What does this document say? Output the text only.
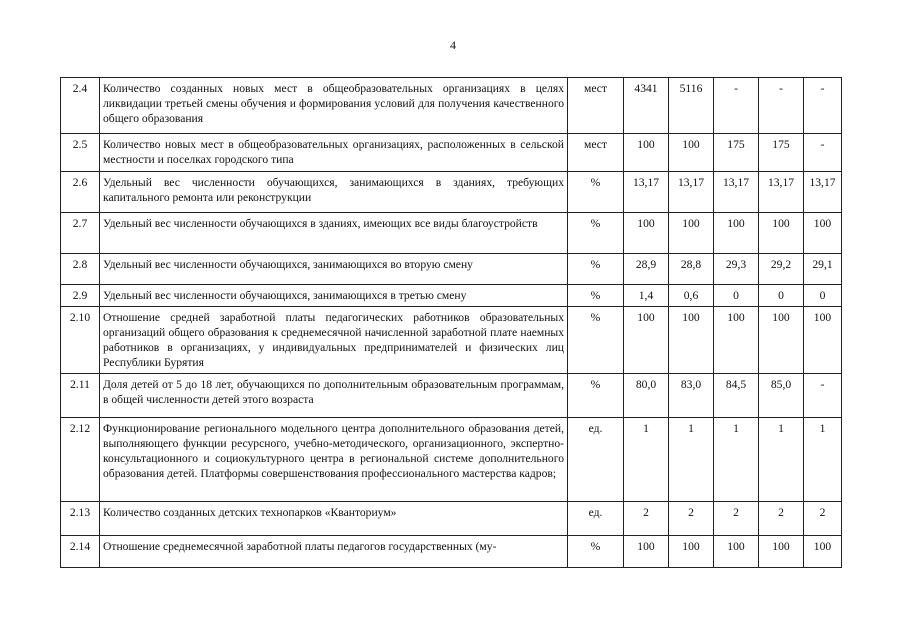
4
2.4	Количество созданных новых мест в общеобразовательных организациях в целях ликвидации третьей смены обучения и формирования условий для получения качественного общего образования	мест	4341	5116	-	-	-
2.5	Количество новых мест в общеобразовательных организациях, расположенных в сельской местности и поселках городского типа	мест	100	100	175	175	-
2.6	Удельный вес численности обучающихся, занимающихся в зданиях, требующих капитального ремонта или реконструкции	%	13,17	13,17	13,17	13,17	13,17
2.7	Удельный вес численности обучающихся в зданиях, имеющих все виды благоустройств	%	100	100	100	100	100
2.8	Удельный вес численности обучающихся, занимающихся во вторую смену	%	28,9	28,8	29,3	29,2	29,1
2.9	Удельный вес численности обучающихся, занимающихся в третью смену	%	1,4	0,6	0	0	0
2.10	Отношение средней заработной платы педагогических работников образовательных организаций общего образования к среднемесячной начисленной заработной плате наемных работников в организациях, у индивидуальных предпринимателей и физических лиц Республики Бурятия	%	100	100	100	100	100
2.11	Доля детей от 5 до 18 лет, обучающихся по дополнительным образовательным программам, в общей численности детей этого возраста	%	80,0	83,0	84,5	85,0	-
2.12	Функционирование регионального модельного центра дополнительного образования детей, выполняющего функции ресурсного, учебно-методического, организационного, экспертно-консультационного и социокультурного центра в региональной системе дополнительного образования детей. Платформы совершенствования профессионального мастерства кадров;	ед.	1	1	1	1	1
2.13	Количество созданных детских технопарков «Кванториум»	ед.	2	2	2	2	2
2.14	Отношение среднемесячной заработной платы педагогов государственных (му-	%	100	100	100	100	100
